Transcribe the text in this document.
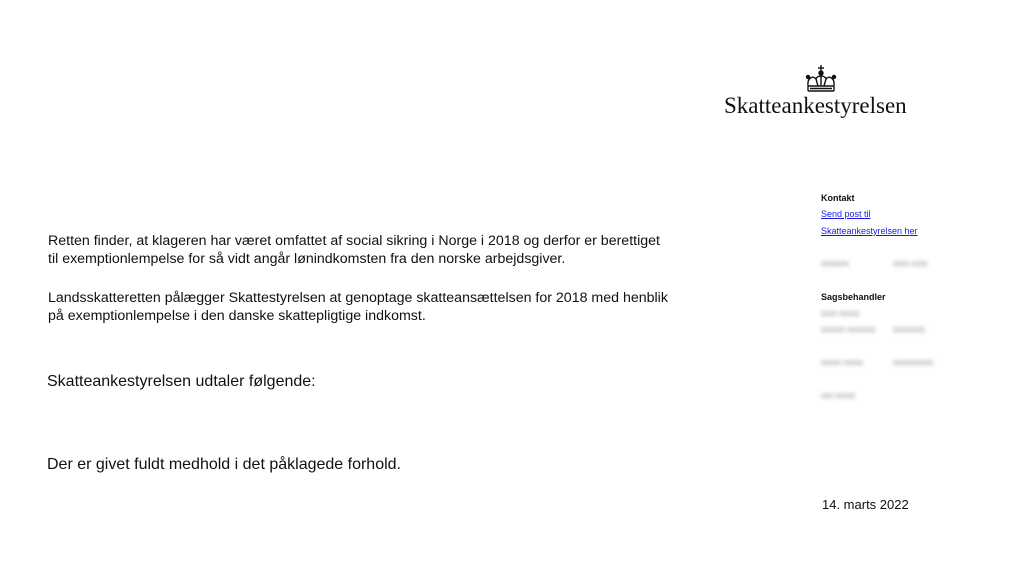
Skatteankestyrelsen
Retten finder, at klageren har været omfattet af social sikring i Norge i 2018 og derfor er berettiget
til exemptionlempelse for så vidt angår lønindkomsten fra den norske arbejdsgiver.
Landsskatteretten pålægger Skattestyrelsen at genoptage skatteansættelsen for 2018 med henblik
på exemptionlempelse i den danske skattepligtige indkomst.
Skatteankestyrelsen udtaler følgende:
Der er givet fuldt medhold i det påklagede forhold.
Kontakt
Send post til
Skatteankestyrelsen her
xxxxxxx	xxxx xxxx
Sagsbehandler
xxxx xxxxx
xxxxxx xxxxxxx xxxxxxxx
xxxxx xxxxx	xxxxxxxxxx
xxx xxxxx
14. marts 2022
